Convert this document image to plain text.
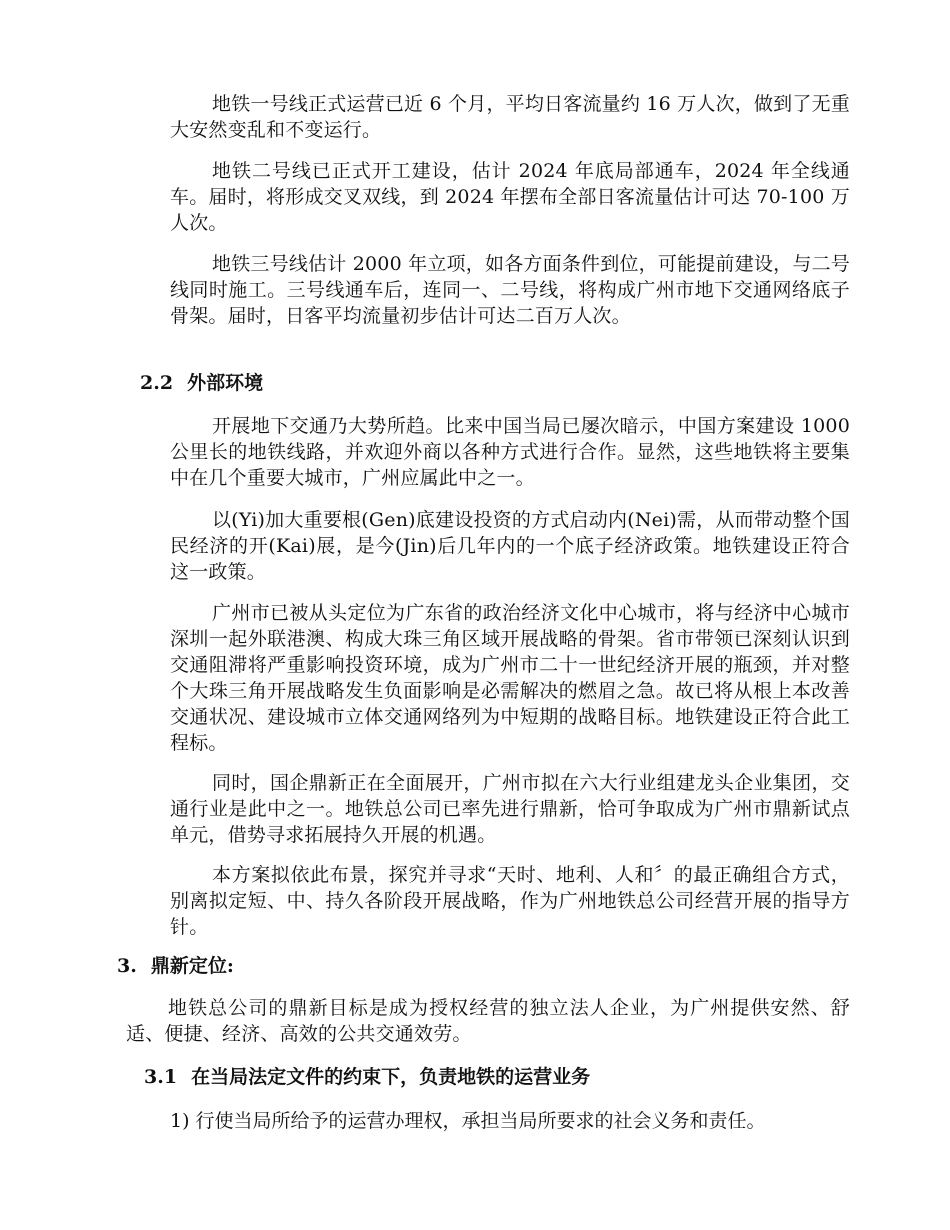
地铁一号线正式运营已近 6 个月，平均日客流量约 16 万人次，做到了无重大安然变乱和不变运行。

地铁二号线已正式开工建设，估计 2024 年底局部通车，2024 年全线通车。届时，将形成交叉双线，到 2024 年摆布全部日客流量估计可达 70-100 万人次。

地铁三号线估计 2000 年立项，如各方面条件到位，可能提前建设，与二号线同时施工。三号线通车后，连同一、二号线，将构成广州市地下交通网络底子骨架。届时，日客平均流量初步估计可达二百万人次。

2.2 外部环境

开展地下交通乃大势所趋。比来中国当局已屡次暗示，中国方案建设 1000 公里长的地铁线路，并欢迎外商以各种方式进行合作。显然，这些地铁将主要集中在几个重要大城市，广州应属此中之一。

以(Yi)加大重要根(Gen)底建设投资的方式启动内(Nei)需，从而带动整个国民经济的开(Kai)展，是今(Jin)后几年内的一个底子经济政策。地铁建设正符合这一政策。

广州市已被从头定位为广东省的政治经济文化中心城市，将与经济中心城市深圳一起外联港澳、构成大珠三角区域开展战略的骨架。省市带领已深刻认识到交通阻滞将严重影响投资环境，成为广州市二十一世纪经济开展的瓶颈，并对整个大珠三角开展战略发生负面影响是必需解决的燃眉之急。故已将从根上本改善交通状况、建设城市立体交通网络列为中短期的战略目标。地铁建设正符合此工程标。

同时，国企鼎新正在全面展开，广州市拟在六大行业组建龙头企业集团，交通行业是此中之一。地铁总公司已率先进行鼎新，恰可争取成为广州市鼎新试点单元，借势寻求拓展持久开展的机遇。

本方案拟依此布景，探究并寻求“天时、地利、人和〞的最正确组合方式，别离拟定短、中、持久各阶段开展战略，作为广州地铁总公司经营开展的指导方针。

3. 鼎新定位:

地铁总公司的鼎新目标是成为授权经营的独立法人企业，为广州提供安然、舒适、便捷、经济、高效的公共交通效劳。

3.1 在当局法定文件的约束下，负责地铁的运营业务

1) 行使当局所给予的运营办理权，承担当局所要求的社会义务和责任。
